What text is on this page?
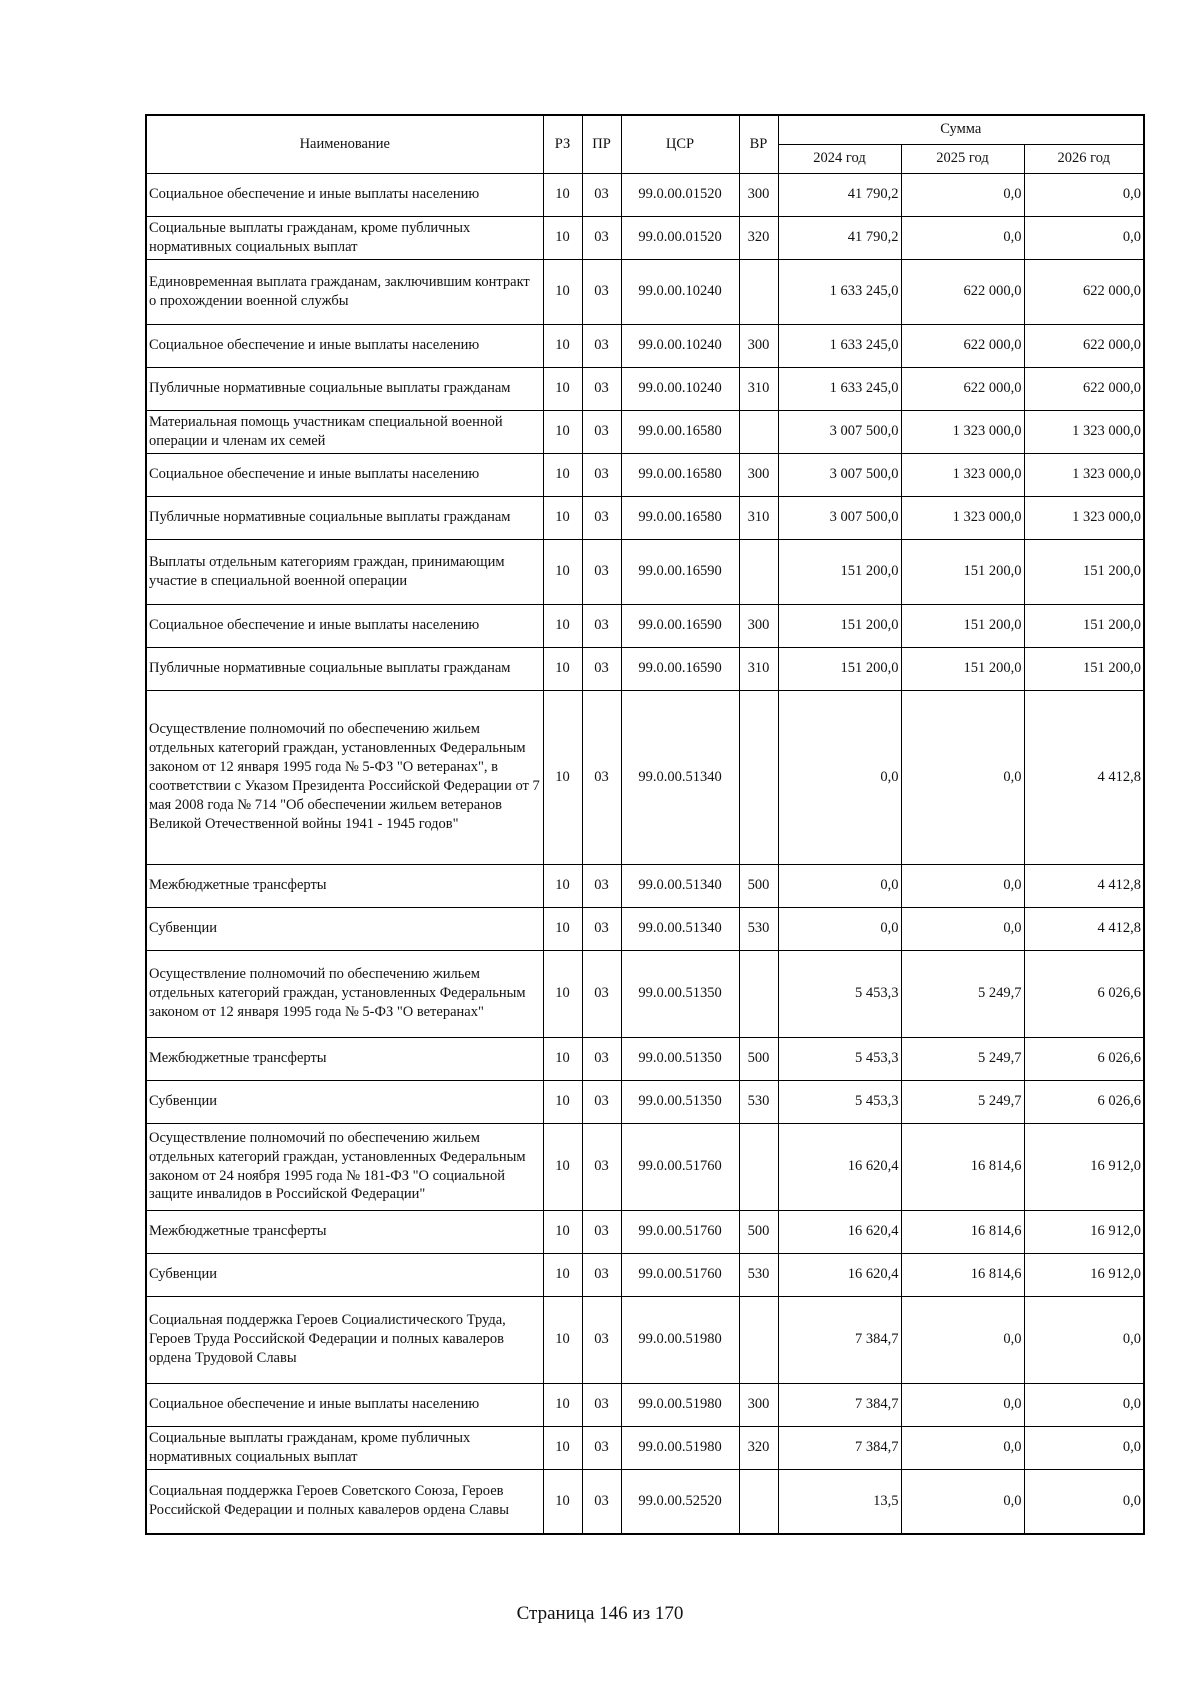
Наименование	РЗ	ПР	ЦСР	ВР	Сумма		
					2024 год	2025 год	2026 год
Социальное обеспечение и иные выплаты населению	10	03	99.0.00.01520	300	41 790,2	0,0	0,0
Социальные выплаты гражданам, кроме публичных нормативных социальных выплат	10	03	99.0.00.01520	320	41 790,2	0,0	0,0
Единовременная выплата гражданам, заключившим контракт о прохождении военной службы	10	03	99.0.00.10240		1 633 245,0	622 000,0	622 000,0
Социальное обеспечение и иные выплаты населению	10	03	99.0.00.10240	300	1 633 245,0	622 000,0	622 000,0
Публичные нормативные социальные выплаты гражданам	10	03	99.0.00.10240	310	1 633 245,0	622 000,0	622 000,0
Материальная помощь участникам специальной военной операции и членам их семей	10	03	99.0.00.16580		3 007 500,0	1 323 000,0	1 323 000,0
Социальное обеспечение и иные выплаты населению	10	03	99.0.00.16580	300	3 007 500,0	1 323 000,0	1 323 000,0
Публичные нормативные социальные выплаты гражданам	10	03	99.0.00.16580	310	3 007 500,0	1 323 000,0	1 323 000,0
Выплаты отдельным категориям граждан, принимающим участие в специальной военной операции	10	03	99.0.00.16590		151 200,0	151 200,0	151 200,0
Социальное обеспечение и иные выплаты населению	10	03	99.0.00.16590	300	151 200,0	151 200,0	151 200,0
Публичные нормативные социальные выплаты гражданам	10	03	99.0.00.16590	310	151 200,0	151 200,0	151 200,0
Осуществление полномочий по обеспечению жильем отдельных категорий граждан, установленных Федеральным законом от 12 января 1995 года № 5-ФЗ "О ветеранах", в соответствии с Указом Президента Российской Федерации от 7 мая 2008 года № 714 "Об обеспечении жильем ветеранов Великой Отечественной войны 1941 - 1945 годов"	10	03	99.0.00.51340		0,0	0,0	4 412,8
Межбюджетные трансферты	10	03	99.0.00.51340	500	0,0	0,0	4 412,8
Субвенции	10	03	99.0.00.51340	530	0,0	0,0	4 412,8
Осуществление полномочий по обеспечению жильем отдельных категорий граждан, установленных Федеральным законом от 12 января 1995 года № 5-ФЗ "О ветеранах"	10	03	99.0.00.51350		5 453,3	5 249,7	6 026,6
Межбюджетные трансферты	10	03	99.0.00.51350	500	5 453,3	5 249,7	6 026,6
Субвенции	10	03	99.0.00.51350	530	5 453,3	5 249,7	6 026,6
Осуществление полномочий по обеспечению жильем отдельных категорий граждан, установленных Федеральным законом от 24 ноября 1995 года № 181-ФЗ "О социальной защите инвалидов в Российской Федерации"	10	03	99.0.00.51760		16 620,4	16 814,6	16 912,0
Межбюджетные трансферты	10	03	99.0.00.51760	500	16 620,4	16 814,6	16 912,0
Субвенции	10	03	99.0.00.51760	530	16 620,4	16 814,6	16 912,0
Социальная поддержка Героев Социалистического Труда, Героев Труда Российской Федерации и полных кавалеров ордена Трудовой Славы	10	03	99.0.00.51980		7 384,7	0,0	0,0
Социальное обеспечение и иные выплаты населению	10	03	99.0.00.51980	300	7 384,7	0,0	0,0
Социальные выплаты гражданам, кроме публичных нормативных социальных выплат	10	03	99.0.00.51980	320	7 384,7	0,0	0,0
Социальная поддержка Героев Советского Союза, Героев Российской Федерации и полных кавалеров ордена Славы	10	03	99.0.00.52520		13,5	0,0	0,0
Страница 146 из 170
